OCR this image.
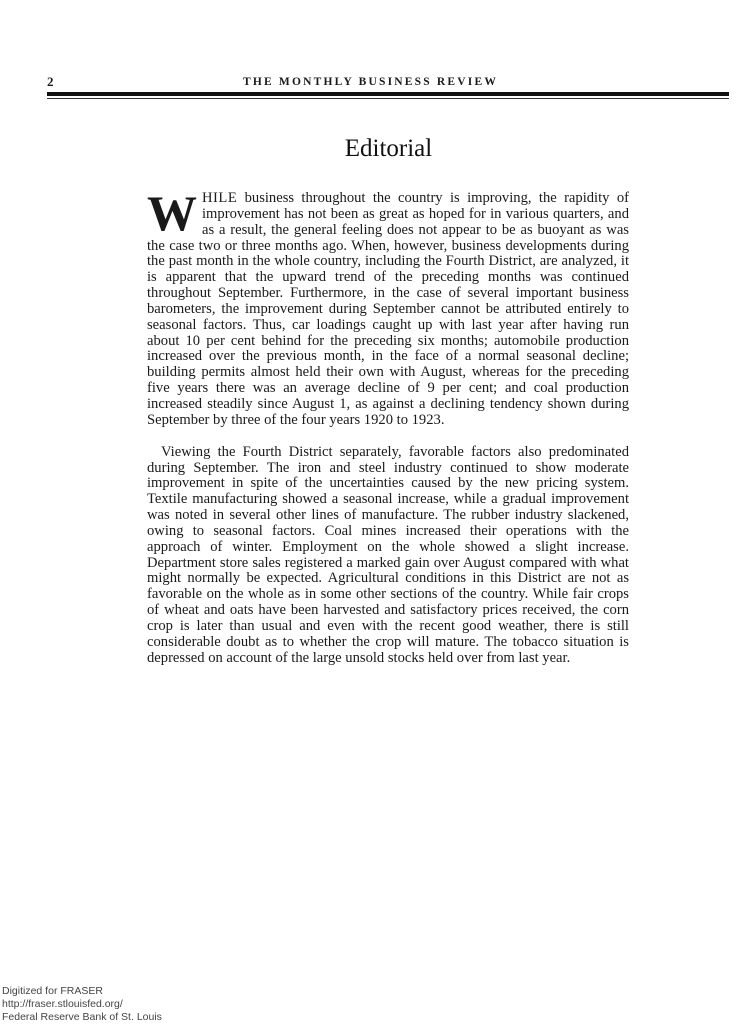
2	THE MONTHLY BUSINESS REVIEW
Editorial

WHILE business throughout the country is improving, the rapidity of improvement has not been as great as hoped for in various quarters, and as a result, the general feeling does not appear to be as buoyant as was the case two or three months ago. When, however, business developments during the past month in the whole country, including the Fourth District, are analyzed, it is apparent that the upward trend of the preceding months was continued throughout September. Furthermore, in the case of several important business barometers, the improvement during September cannot be attributed entirely to seasonal factors. Thus, car loadings caught up with last year after having run about 10 per cent behind for the preceding six months; automobile production increased over the previous month, in the face of a normal seasonal decline; building permits almost held their own with August, whereas for the preceding five years there was an average decline of 9 per cent; and coal production increased steadily since August 1, as against a declining tendency shown during September by three of the four years 1920 to 1923.

Viewing the Fourth District separately, favorable factors also predominated during September. The iron and steel industry continued to show moderate improvement in spite of the uncertainties caused by the new pricing system. Textile manufacturing showed a seasonal increase, while a gradual improvement was noted in several other lines of manufacture. The rubber industry slackened, owing to seasonal factors. Coal mines increased their operations with the approach of winter. Employment on the whole showed a slight increase. Department store sales registered a marked gain over August compared with what might normally be expected. Agricultural conditions in this District are not as favorable on the whole as in some other sections of the country. While fair crops of wheat and oats have been harvested and satisfactory prices received, the corn crop is later than usual and even with the recent good weather, there is still considerable doubt as to whether the crop will mature. The tobacco situation is depressed on account of the large unsold stocks held over from last year.

Digitized for FRASER
http://fraser.stlouisfed.org/
Federal Reserve Bank of St. Louis
